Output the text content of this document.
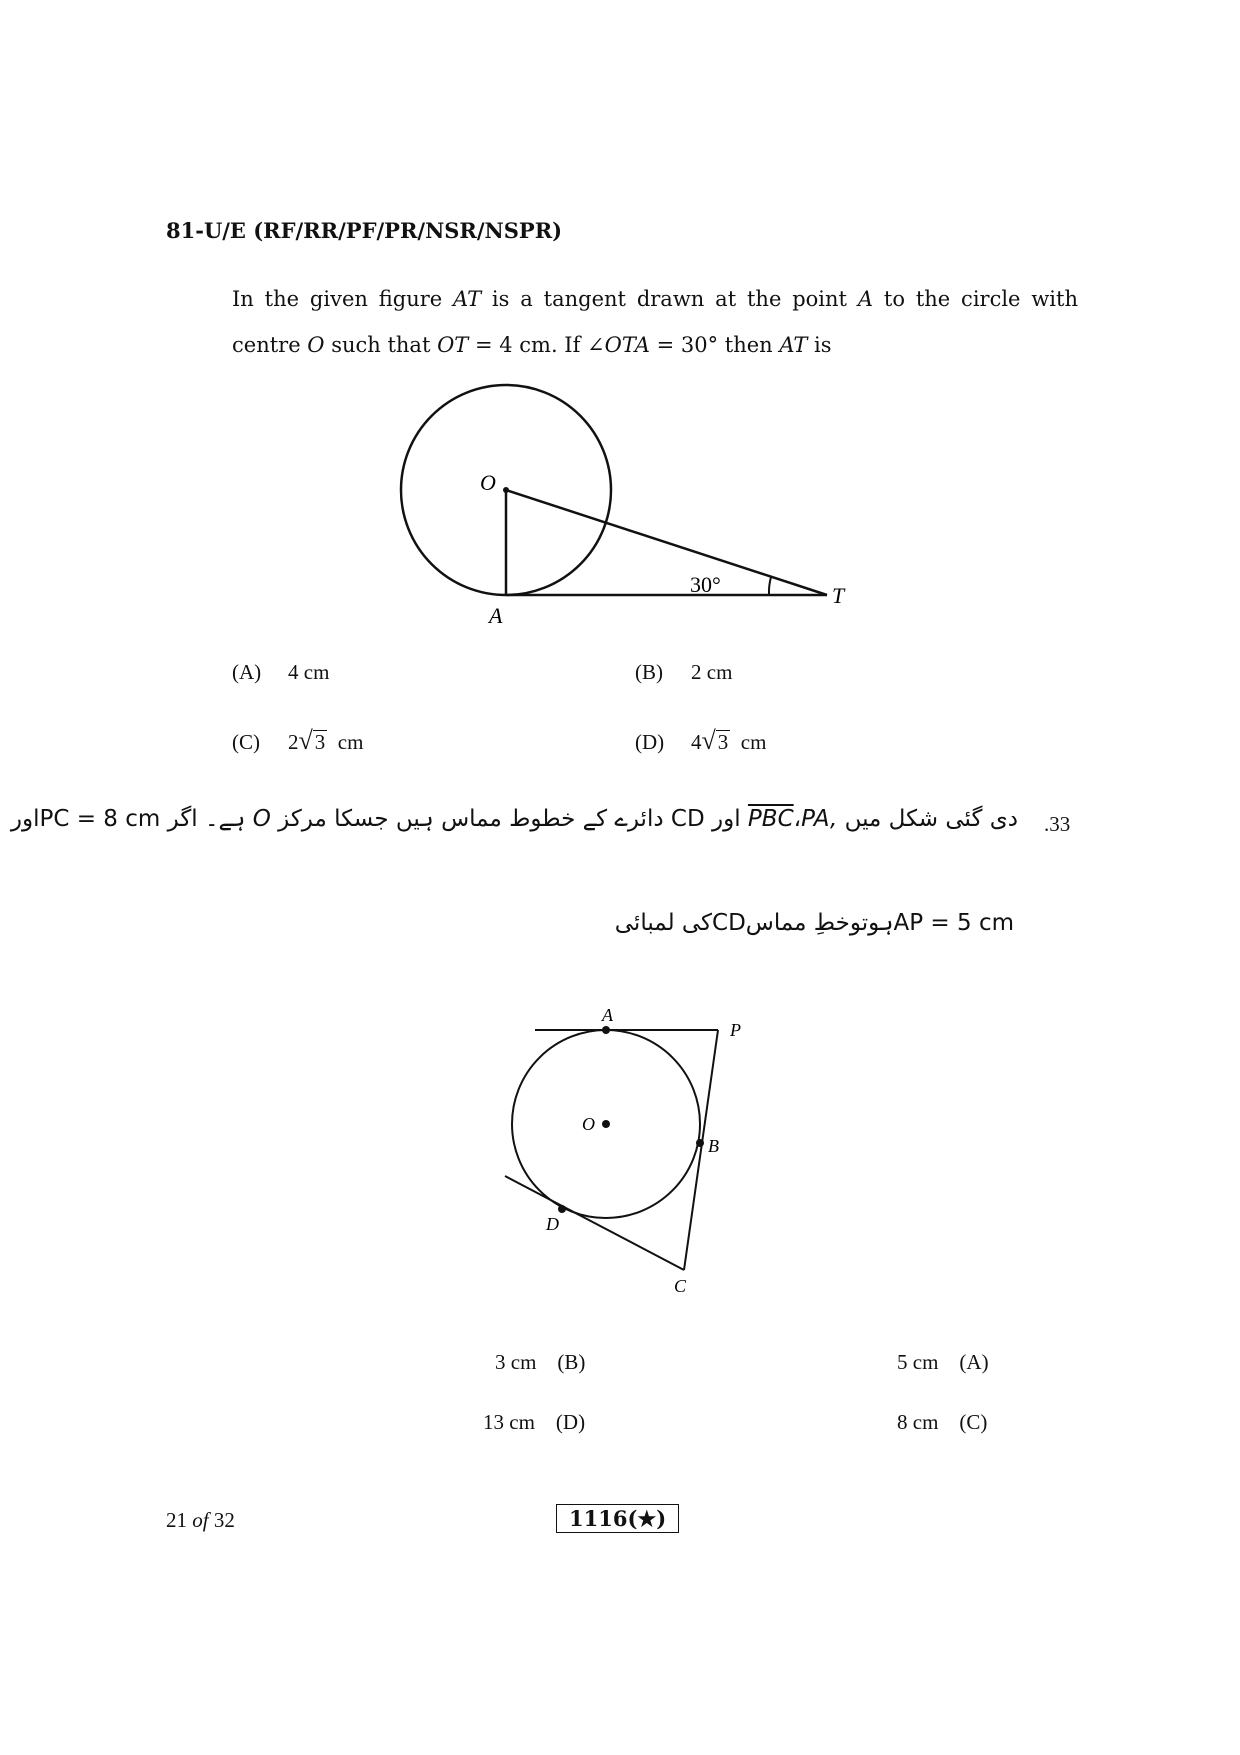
81-U/E (RF/RR/PF/PR/NSR/NSPR)
In the given figure AT is a tangent drawn at the point A to the circle with
centre O such that OT = 4 cm. If ∠OTA = 30° then AT is
O
A
T
30°
(A) 4 cm	(B) 2 cm
(C) 2√3 cm	(D) 4√3 cm
.33
دی گئی شکل میں $PA,،\overline{PBC}$ اور CD دائرے کے خطوط مماس ہیں جسکا مرکز O ہے۔ اگر PC = 8 cmاور
AP = 5 cmہوتوخطِ مماسCDکی لمبائی
A
P
O
B
D
C
5 cm (A)
3 cm (B)
8 cm (C)
13 cm (D)
21 of 32	1116(★)
